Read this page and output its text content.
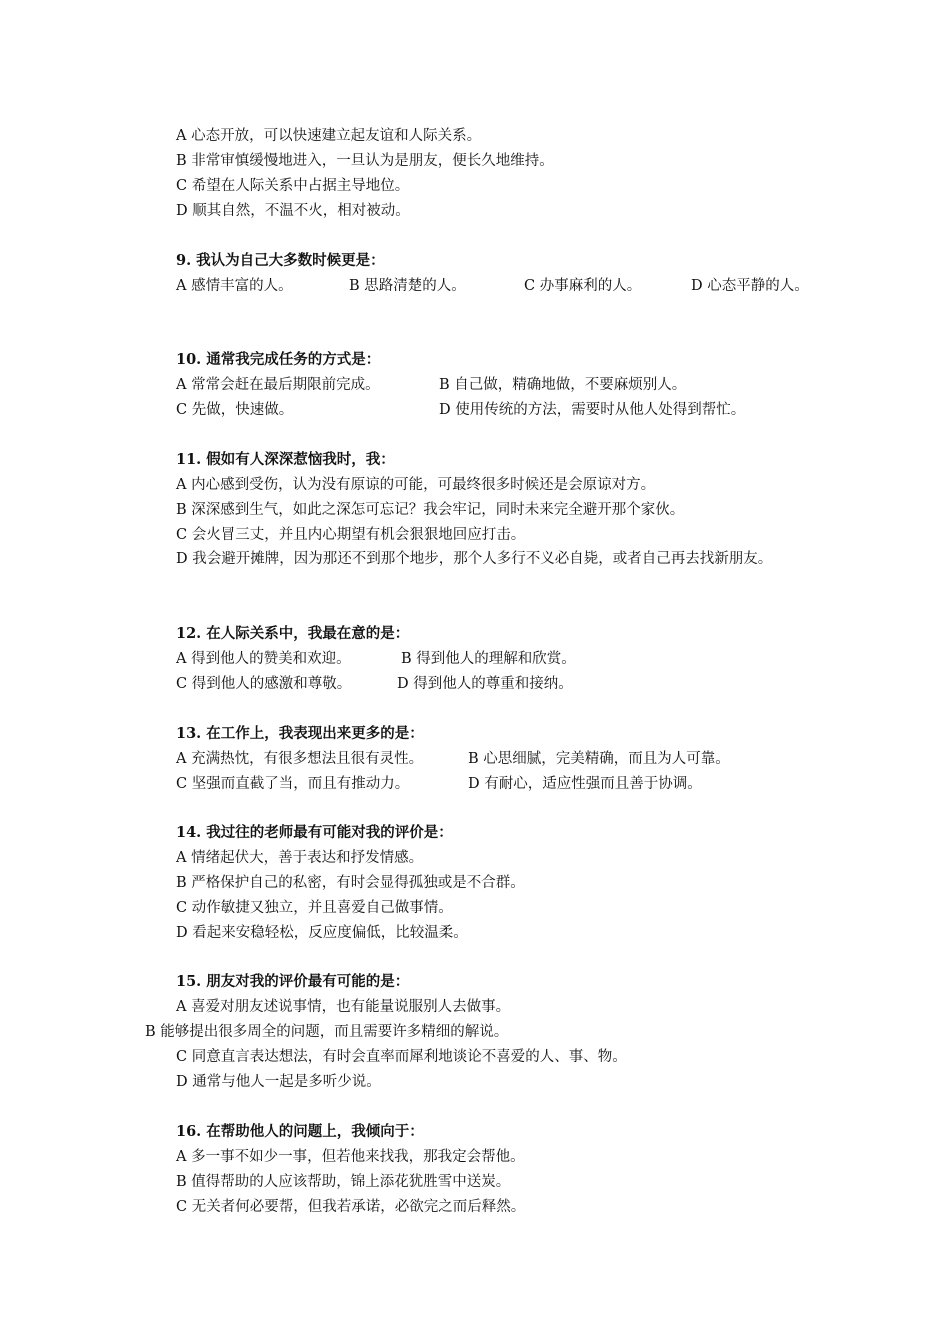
A 心态开放，可以快速建立起友谊和人际关系。
B 非常审慎缓慢地进入，一旦认为是朋友，便长久地维持。
C 希望在人际关系中占据主导地位。
D 顺其自然，不温不火，相对被动。
9. 我认为自己大多数时候更是：
A 感情丰富的人。	B 思路清楚的人。	C 办事麻利的人。	D 心态平静的人。
10. 通常我完成任务的方式是：
A 常常会赶在最后期限前完成。	B 自己做，精确地做，不要麻烦别人。
C 先做，快速做。	D 使用传统的方法，需要时从他人处得到帮忙。
11. 假如有人深深惹恼我时，我：
A 内心感到受伤，认为没有原谅的可能，可最终很多时候还是会原谅对方。
B 深深感到生气，如此之深怎可忘记？我会牢记，同时未来完全避开那个家伙。
C 会火冒三丈，并且内心期望有机会狠狠地回应打击。
D 我会避开摊牌，因为那还不到那个地步，那个人多行不义必自毙，或者自己再去找新朋友。
12. 在人际关系中，我最在意的是：
A 得到他人的赞美和欢迎。	B 得到他人的理解和欣赏。
C 得到他人的感激和尊敬。	D 得到他人的尊重和接纳。
13. 在工作上，我表现出来更多的是：
A 充满热忱，有很多想法且很有灵性。	B 心思细腻，完美精确，而且为人可靠。
C 坚强而直截了当，而且有推动力。	D 有耐心，适应性强而且善于协调。
14. 我过往的老师最有可能对我的评价是：
A 情绪起伏大，善于表达和抒发情感。
B 严格保护自己的私密，有时会显得孤独或是不合群。
C 动作敏捷又独立，并且喜爱自己做事情。
D 看起来安稳轻松，反应度偏低，比较温柔。
15. 朋友对我的评价最有可能的是：
A 喜爱对朋友述说事情，也有能量说服别人去做事。
B 能够提出很多周全的问题，而且需要许多精细的解说。
C 同意直言表达想法，有时会直率而犀利地谈论不喜爱的人、事、物。
D 通常与他人一起是多听少说。
16. 在帮助他人的问题上，我倾向于：
A 多一事不如少一事，但若他来找我，那我定会帮他。
B 值得帮助的人应该帮助，锦上添花犹胜雪中送炭。
C 无关者何必要帮，但我若承诺，必欲完之而后释然。
